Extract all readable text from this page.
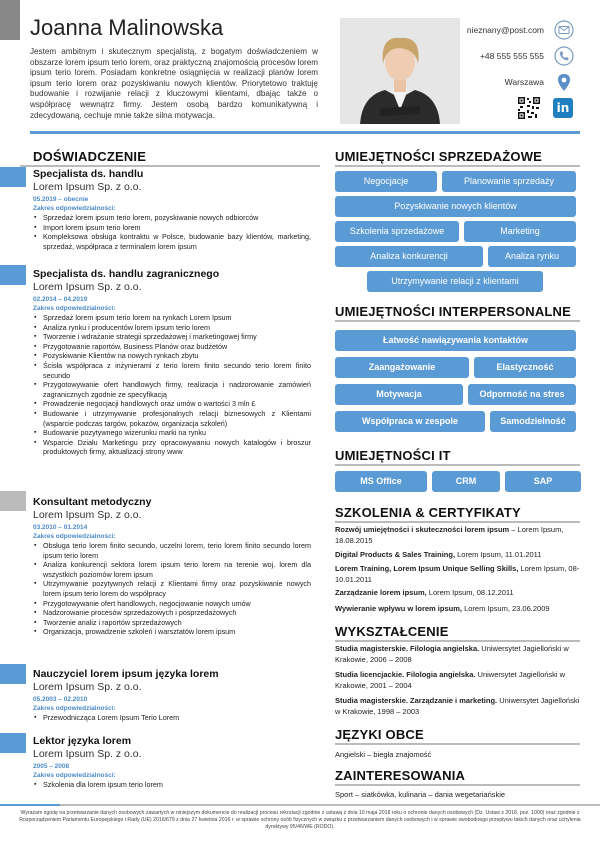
Joanna Malinowska

Jestem ambitnym i skutecznym specjalistą, z bogatym doświadczeniem w obszarze lorem ipsum terio lorem, oraz praktyczną znajomością procesów lorem ipsum terio lorem. Posiadam konkretne osiągnięcia w realizacji planów lorem ipsum terio lorem oraz pozyskiwaniu nowych klientów. Priorytetowo traktuję budowanie i rozwijanie relacji z kluczowymi klientami, dbając także o współpracę wewnątrz firmy. Jestem osobą bardzo komunikatywną i zdecydowaną, cechuje mnie także silna motywacja.

nieznany@post.com
+48 555 555 555
Warszawa
in
DOŚWIADCZENIE
Specjalista ds. handlu
Lorem Ipsum Sp. z o.o.
05.2019 – obecnie
Zakres odpowiedzialności:
▪ Sprzedaż lorem ipsum terio lorem, pozyskiwanie nowych odbiorców
▪ Import lorem ipsum terio lorem
▪ Kompleksowa obsługa kontraktu w Polsce, budowanie bazy klientów, marketing, sprzedaż, współpraca z terminalem lorem ipsum
Specjalista ds. handlu zagranicznego
Lorem Ipsum Sp. z o.o.
02.2014 – 04.2019
Zakres odpowiedzialności:
▪ Sprzedaż lorem ipsum terio lorem na rynkach Lorem Ipsum
▪ Analiza rynku i producentów lorem ipsum terio lorem
▪ Tworzenie i wdrażanie strategii sprzedażowej i marketingowej firmy
▪ Przygotowanie raportów, Business Planów oraz budżetów
▪ Pozyskiwanie Klientów na nowych rynkach zbytu
▪ Ścisła współpraca z inżynierami z terio lorem finito secundo terio lorem finito secundo
▪ Przygotowywanie ofert handlowych firmy, realizacja i nadzorowanie zamówień zagranicznych zgodnie ze specyfikacją
▪ Prowadzenie negocjacji handlowych oraz umów o wartości 3 mln £
▪ Budowanie i utrzymywanie profesjonalnych relacji biznesowych z Klientami (wsparcie podczas targów, pokazów, organizacja szkoleń)
▪ Budowanie pozytywnego wizerunku marki na rynku
▪ Wsparcie Działu Marketingu przy opracowywaniu nowych katalogów i broszur produktowych firmy, aktualizacji strony www
Konsultant metodyczny
Lorem Ipsum Sp. z o.o.
03.2010 – 01.2014
Zakres odpowiedzialności:
▪ Obsługa terio lorem finito secundo, uczelni lorem, terio lorem finito secundo lorem ipsum terio lorem
▪ Analiza konkurencji sektora lorem ipsum terio lorem na terenie woj. lorem dla wszystkich poziomów lorem ipsum
▪ Utrzymywanie pozytywnych relacji z Klientami firmy oraz pozyskiwanie nowych lorem ipsum terio lorem do współpracy
▪ Przygotowywanie ofert handlowych, negocjowanie nowych umów
▪ Nadzorowanie procesów sprzedażowych i posprzedażowych
▪ Tworzenie analiz i raportów sprzedażowych
▪ Organizacja, prowadzenie szkoleń i warsztatów lorem ipsum
Nauczyciel lorem ipsum języka lorem
Lorem Ipsum Sp. z o.o.
05.2003 – 02.2010
Zakres odpowiedzialności:
▪ Przewodnicząca Lorem Ipsum Terio Lorem
Lektor języka lorem
Lorem Ipsum Sp. z o.o.
2005 – 2008
Zakres odpowiedzialności:
▪ Szkolenia dla lorem ipsum terio lorem
UMIEJĘTNOŚCI SPRZEDAŻOWE
Negocjacje	Planowanie sprzedaży
Pozyskiwanie nowych klientów
Szkolenia sprzedażowe	Marketing
Analiza konkurencji	Analiza rynku
Utrzymywanie relacji z klientami
UMIEJĘTNOŚCI INTERPERSONALNE
Łatwość nawiązywania kontaktów
Zaangażowanie	Elastyczność
Motywacja	Odporność na stres
Współpraca w zespole	Samodzielność
UMIEJĘTNOŚCI IT
MS Office	CRM	SAP
SZKOLENIA & CERTYFIKATY
Rozwój umiejętności i skuteczności lorem ipsum – Lorem Ipsum, 18.08.2015
Digital Products & Sales Training, Lorem Ipsum, 11.01.2011
Lorem Training, Lorem Ipsum Unique Selling Skills, Lorem Ipsum, 08-10.01.2011
Zarządzanie lorem ipsum, Lorem Ipsum, 08.12.2011
Wywieranie wpływu w lorem ipsum, Lorem Ipsum, 23.06.2009
WYKSZTAŁCENIE
Studia magisterskie. Filologia angielska. Uniwersytet Jagielloński w Krakowie, 2006 – 2008
Studia licencjackie. Filologia angielska. Uniwersytet Jagielloński w Krakowie, 2001 – 2004
Studia magisterskie. Zarządzanie i marketing. Uniwersytet Jagielloński w Krakowie, 1998 – 2003
JĘZYKI OBCE
Angielski – biegła znajomość
ZAINTERESOWANIA
Sport – siatkówka, kulinaria – dania wegetariańskie

Wyrażam zgodę na przetwarzanie danych osobowych zawartych w niniejszym dokumencie do realizacji procesu rekrutacji zgodnie z ustawą z dnia 10 maja 2018 roku o ochronie danych osobowych (Dz. Ustaw z 2018, poz. 1000) oraz zgodnie z Rozporządzeniem Parlamentu Europejskiego i Rady (UE) 2016/679 z dnia 27 kwietnia 2016 r. w sprawie ochrony osób fizycznych w związku z przetwarzaniem danych osobowych i w sprawie swobodnego przepływu takich danych oraz uchylenia dyrektywy 95/46/WE (RODO).
